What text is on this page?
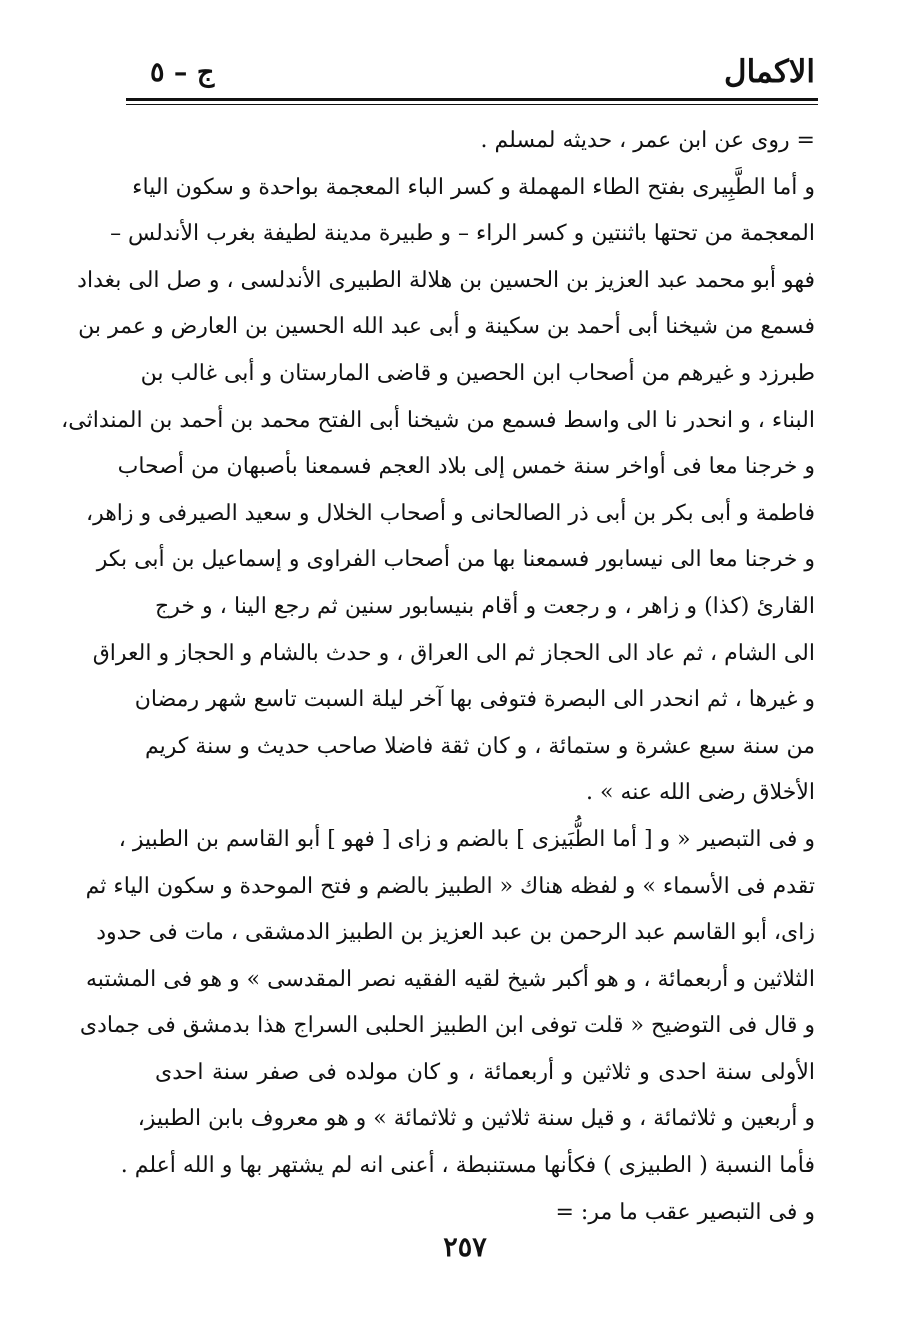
الاكمال
ج – ٥
= روى عن ابن عمر ، حديثه لمسلم .
و أما الطَّبِيرى بفتح الطاء المهملة و كسر الباء المعجمة بواحدة و سكون الياء
المعجمة من تحتها باثنتين و كسر الراء – و طبيرة مدينة لطيفة بغرب الأندلس –
فهو أبو محمد عبد العزيز بن الحسين بن هلالة الطبيرى الأندلسى ، و صل الى بغداد
فسمع من شيخنا أبى أحمد بن سكينة و أبى عبد الله الحسين بن العارض و عمر بن
طبرزد و غيرهم من أصحاب ابن الحصين و قاضى المارستان و أبى غالب بن
البناء ، و انحدر نا الى واسط فسمع من شيخنا أبى الفتح محمد بن أحمد بن المنداثى،
و خرجنا معا فى أواخر سنة خمس إلى بلاد العجم فسمعنا بأصبهان من أصحاب
فاطمة و أبى بكر بن أبى ذر الصالحانى و أصحاب الخلال و سعيد الصيرفى و زاهر،
و خرجنا معا الى نيسابور فسمعنا بها من أصحاب الفراوى و إسماعيل بن أبى بكر
القارئ (كذا) و زاهر ، و رجعت و أقام بنيسابور سنين ثم رجع الينا ، و خرج
الى الشام ، ثم عاد الى الحجاز ثم الى العراق ، و حدث بالشام و الحجاز و العراق
و غيرها ، ثم انحدر الى البصرة فتوفى بها آخر ليلة السبت تاسع شهر رمضان
من سنة سبع عشرة و ستمائة ، و كان ثقة فاضلا صاحب حديث و سنة كريم
الأخلاق رضى الله عنه » .
و فى التبصير « و [ أما الطُّبَيزى ] بالضم و زاى [ فهو ] أبو القاسم بن الطبيز ،
تقدم فى الأسماء » و لفظه هناك « الطبيز بالضم و فتح الموحدة و سكون الياء ثم
زاى، أبو القاسم عبد الرحمن بن عبد العزيز بن الطبيز الدمشقى ، مات فى حدود
الثلاثين و أربعمائة ، و هو أكبر شيخ لقيه الفقيه نصر المقدسى » و هو فى المشتبه
و قال فى التوضيح « قلت توفى ابن الطبيز الحلبى السراج هذا بدمشق فى جمادى
الأولى سنة احدى و ثلاثين و أربعمائة ، و كان مولده فى صفر سنة احدى
و أربعين و ثلاثمائة ، و قيل سنة ثلاثين و ثلاثمائة » و هو معروف بابن الطبيز،
فأما النسبة ( الطبيزى ) فكأنها مستنبطة ، أعنى انه لم يشتهر بها و الله أعلم .
و فى التبصير عقب ما مر: =
٢٥٧
